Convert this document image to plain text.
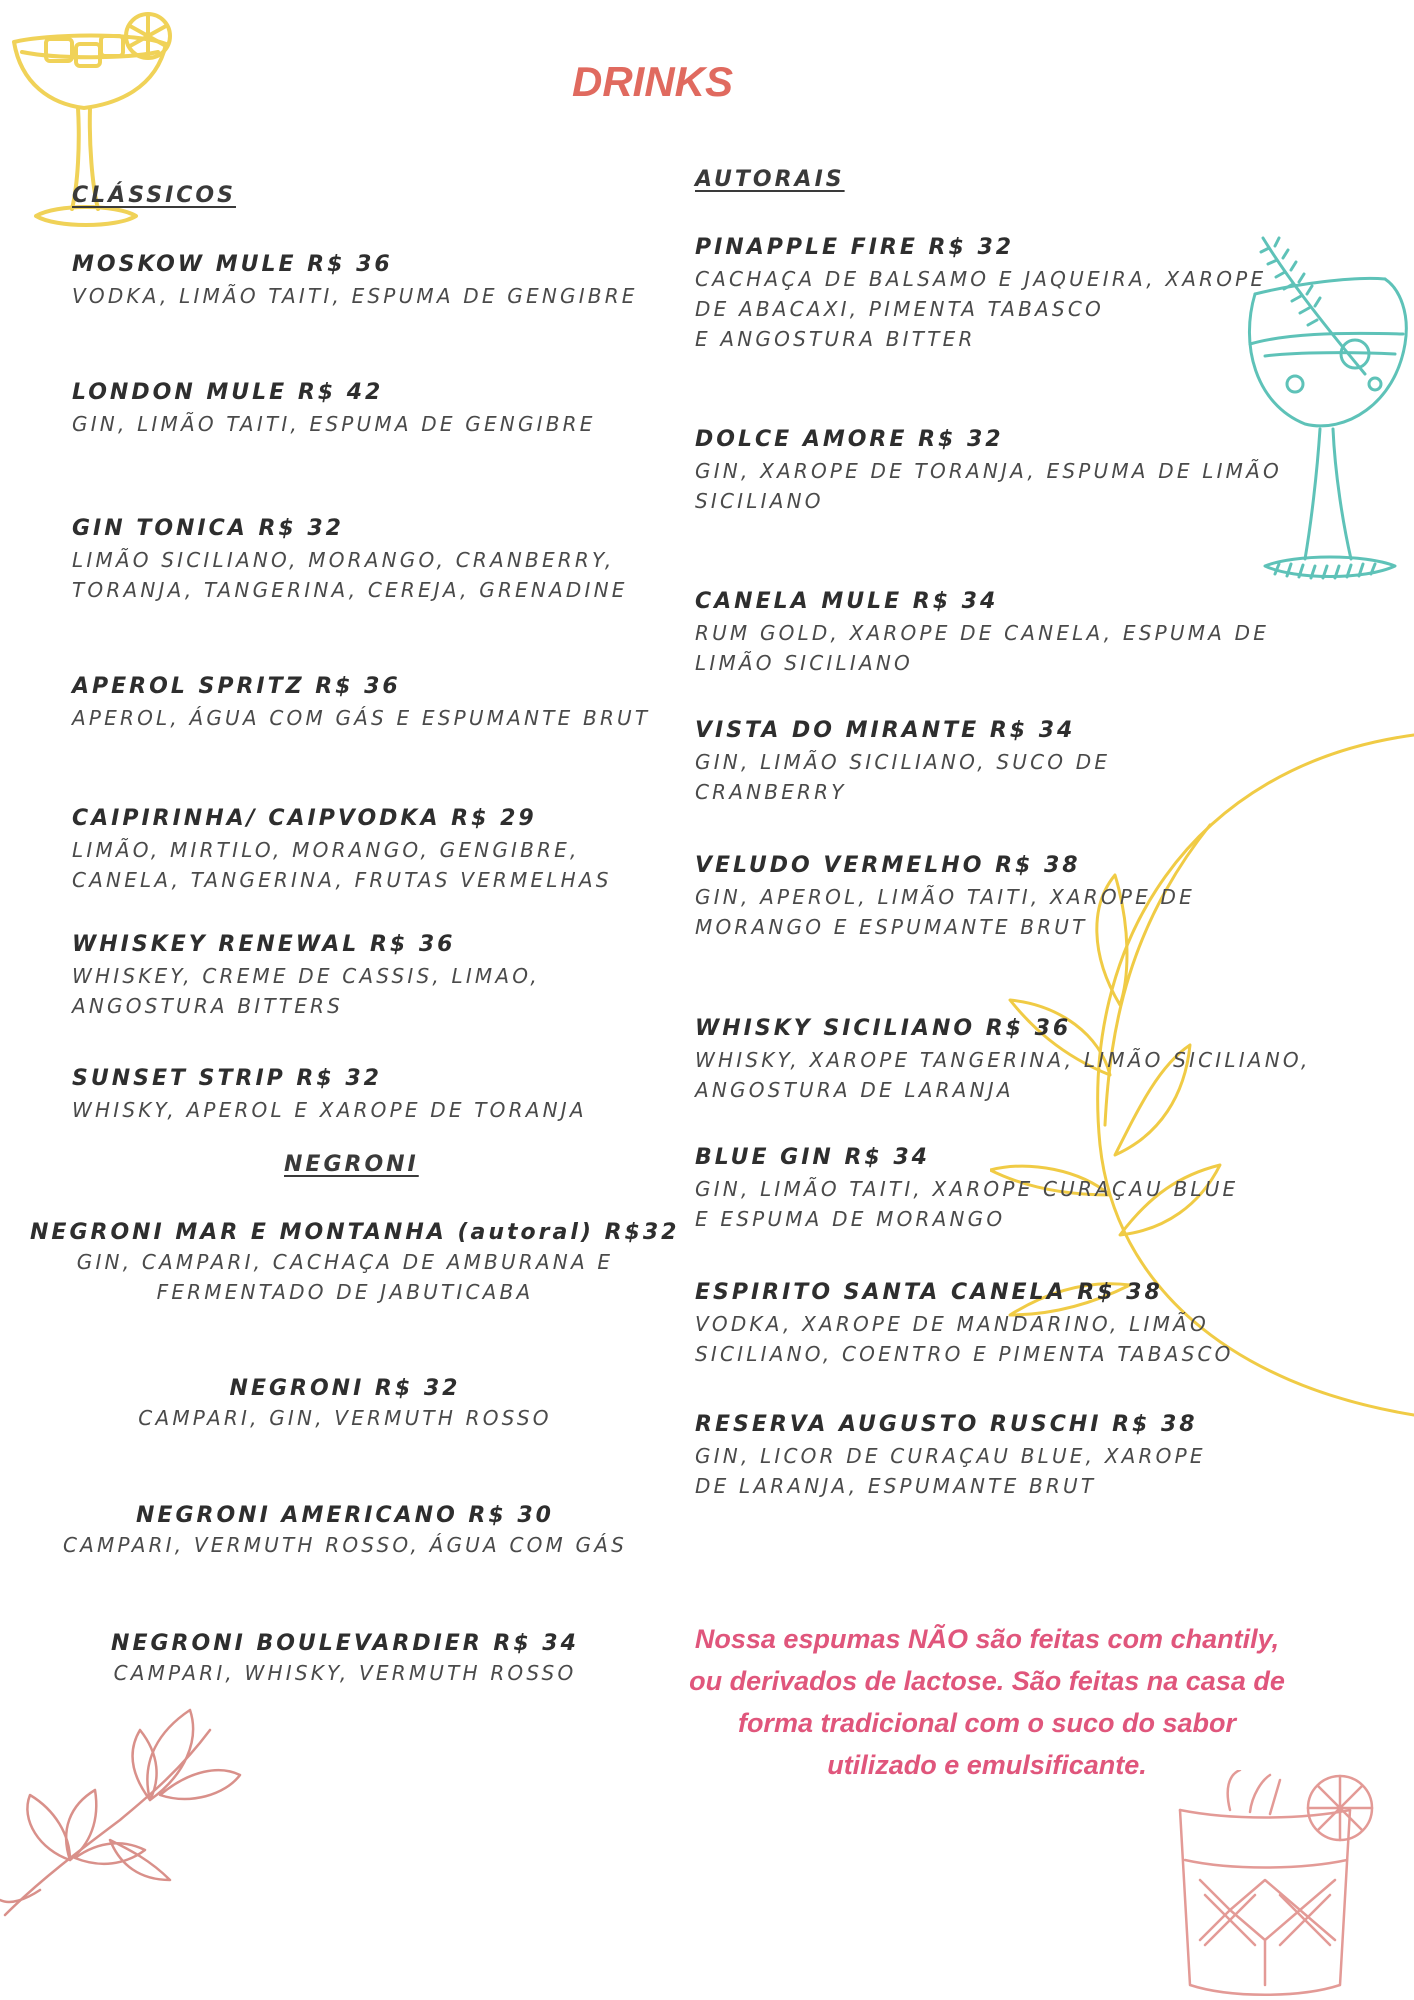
DRINKS
CLÁSSICOS
AUTORAIS
NEGRONI
MOSKOW MULE R$ 36
VODKA, LIMÃO TAITI, ESPUMA DE GENGIBRE
LONDON MULE R$ 42
GIN, LIMÃO TAITI, ESPUMA DE GENGIBRE
GIN TONICA R$ 32
LIMÃO SICILIANO, MORANGO, CRANBERRY,
TORANJA, TANGERINA, CEREJA, GRENADINE
APEROL SPRITZ R$ 36
APEROL, ÁGUA COM GÁS E ESPUMANTE BRUT
CAIPIRINHA/ CAIPVODKA R$ 29
LIMÃO, MIRTILO, MORANGO, GENGIBRE,
CANELA, TANGERINA, FRUTAS VERMELHAS
WHISKEY RENEWAL R$ 36
WHISKEY, CREME DE CASSIS, LIMAO,
ANGOSTURA BITTERS
SUNSET STRIP R$ 32
WHISKY, APEROL E XAROPE DE TORANJA
NEGRONI MAR E MONTANHA (autoral) R$32
GIN, CAMPARI, CACHAÇA DE AMBURANA E
FERMENTADO DE JABUTICABA
NEGRONI R$ 32
CAMPARI, GIN, VERMUTH ROSSO
NEGRONI AMERICANO R$ 30
CAMPARI, VERMUTH ROSSO, ÁGUA COM GÁS
NEGRONI BOULEVARDIER R$ 34
CAMPARI, WHISKY, VERMUTH ROSSO
PINAPPLE FIRE R$ 32
CACHAÇA DE BALSAMO E JAQUEIRA, XAROPE
DE ABACAXI, PIMENTA TABASCO
E ANGOSTURA BITTER
DOLCE AMORE R$ 32
GIN, XAROPE DE TORANJA, ESPUMA DE LIMÃO
SICILIANO
CANELA MULE R$ 34
RUM GOLD, XAROPE DE CANELA, ESPUMA DE
LIMÃO SICILIANO
VISTA DO MIRANTE R$ 34
GIN, LIMÃO SICILIANO, SUCO DE
CRANBERRY
VELUDO VERMELHO R$ 38
GIN, APEROL, LIMÃO TAITI, XAROPE DE
MORANGO E ESPUMANTE BRUT
WHISKY SICILIANO R$ 36
WHISKY, XAROPE TANGERINA, LIMÃO SICILIANO,
ANGOSTURA DE LARANJA
BLUE GIN R$ 34
GIN, LIMÃO TAITI, XAROPE CURAÇAU BLUE
E ESPUMA DE MORANGO
ESPIRITO SANTA CANELA R$ 38
VODKA, XAROPE DE MANDARINO, LIMÃO
SICILIANO, COENTRO E PIMENTA TABASCO
RESERVA AUGUSTO RUSCHI R$ 38
GIN, LICOR DE CURAÇAU BLUE, XAROPE
DE LARANJA, ESPUMANTE BRUT
Nossa espumas NÃO são feitas com chantily, ou derivados de lactose. São feitas na casa de forma tradicional com o suco do sabor utilizado e emulsificante.
